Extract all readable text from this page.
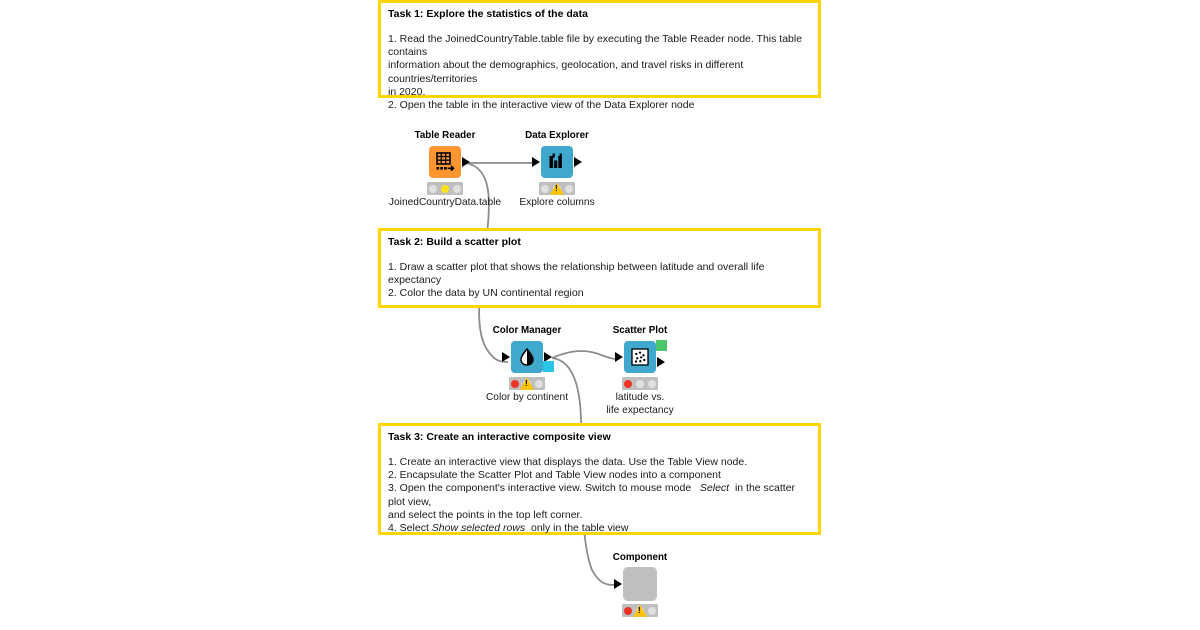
Task 1: Explore the statistics of the data
1. Read the JoinedCountryTable.table file by executing the Table Reader node. This table contains
information about the demographics, geolocation, and travel risks in different countries/territories
in 2020.
2. Open the table in the interactive view of the Data Explorer node
Table Reader
JoinedCountryData.table
Data Explorer
!
Explore columns
Task 2: Build a scatter plot
1. Draw a scatter plot that shows the relationship between latitude and overall life expectancy
2. Color the data by UN continental region
Color Manager
!
Color by continent
Scatter Plot
latitude vs.
life expectancy
Task 3: Create an interactive composite view
1. Create an interactive view that displays the data. Use the Table View node.
2. Encapsulate the Scatter Plot and Table View nodes into a component
3. Open the component's interactive view. Switch to mouse mode   Select  in the scatter plot view,
and select the points in the top left corner.
4. Select Show selected rows  only in the table view
Component
!
